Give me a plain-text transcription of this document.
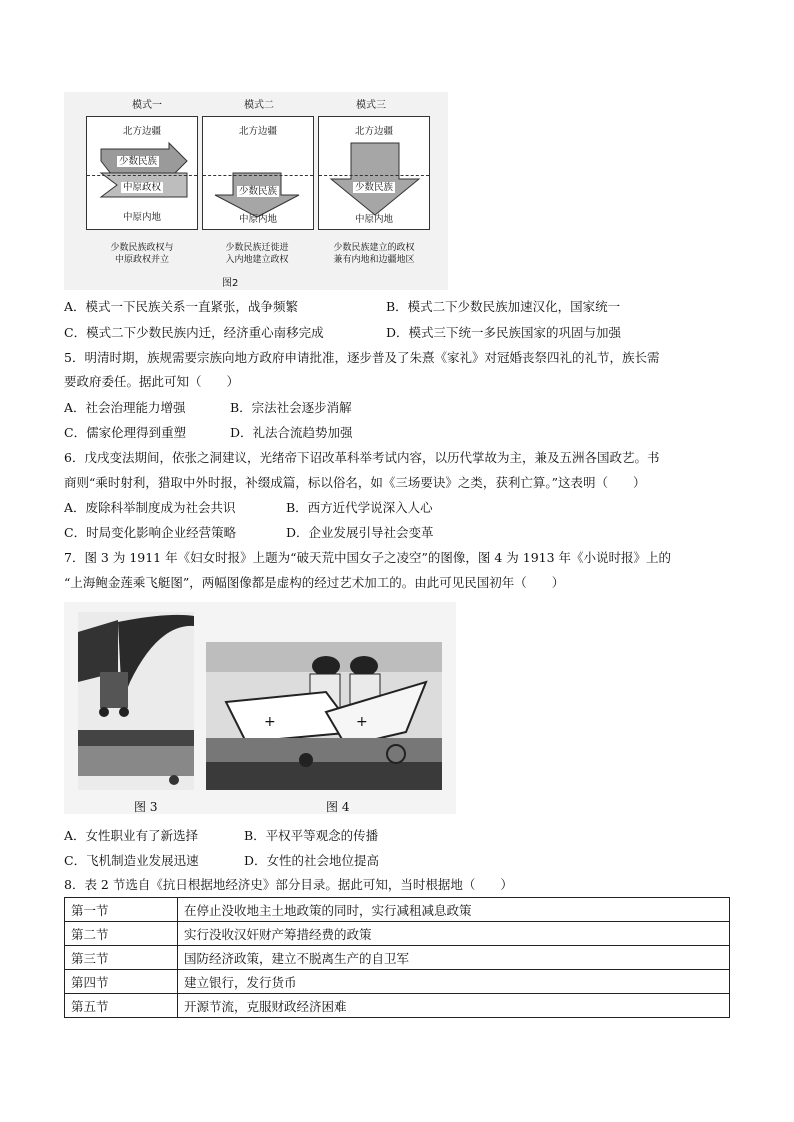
模式一
北方边疆
少数民族
中原政权
中原内地
少数民族政权与
中原政权并立
模式二
北方边疆
少数民族
中原内地
少数民族迁徙进
入内地建立政权
模式三
北方边疆
少数民族
中原内地
少数民族建立的政权
兼有内地和边疆地区
图2
A．模式一下民族关系一直紧张，战争频繁	B．模式二下少数民族加速汉化，国家统一
C．模式二下少数民族内迁，经济重心南移完成	D．模式三下统一多民族国家的巩固与加强
5．明清时期，族规需要宗族向地方政府申请批准，逐步普及了朱熹《家礼》对冠婚丧祭四礼的礼节，族长需
要政府委任。据此可知（　　）
A．社会治理能力增强	B．宗法社会逐步消解
C．儒家伦理得到重塑	D．礼法合流趋势加强
6．戊戌变法期间，依张之洞建议，光绪帝下诏改革科举考试内容，以历代掌故为主，兼及五洲各国政艺。书
商则“乘时射利，猎取中外时报，补缀成篇，标以俗名，如《三场要诀》之类，获利亡算。”这表明（　　）
A．废除科举制度成为社会共识	B．西方近代学说深入人心
C．时局变化影响企业经营策略	D．企业发展引导社会变革
7．图 3 为 1911 年《妇女时报》上题为“破天荒中国女子之凌空”的图像，图 4 为 1913 年《小说时报》上的
“上海鲍金莲乘飞艇图”，两幅图像都是虚构的经过艺术加工的。由此可见民国初年（　　）
+	+
图 3	图 4
A．女性职业有了新选择	B．平权平等观念的传播
C．飞机制造业发展迅速	D．女性的社会地位提高
8．表 2 节选自《抗日根据地经济史》部分目录。据此可知，当时根据地（　　）
第一节	在停止没收地主土地政策的同时，实行减租减息政策
第二节	实行没收汉奸财产筹措经费的政策
第三节	国防经济政策，建立不脱离生产的自卫军
第四节	建立银行，发行货币
第五节	开源节流，克服财政经济困难
